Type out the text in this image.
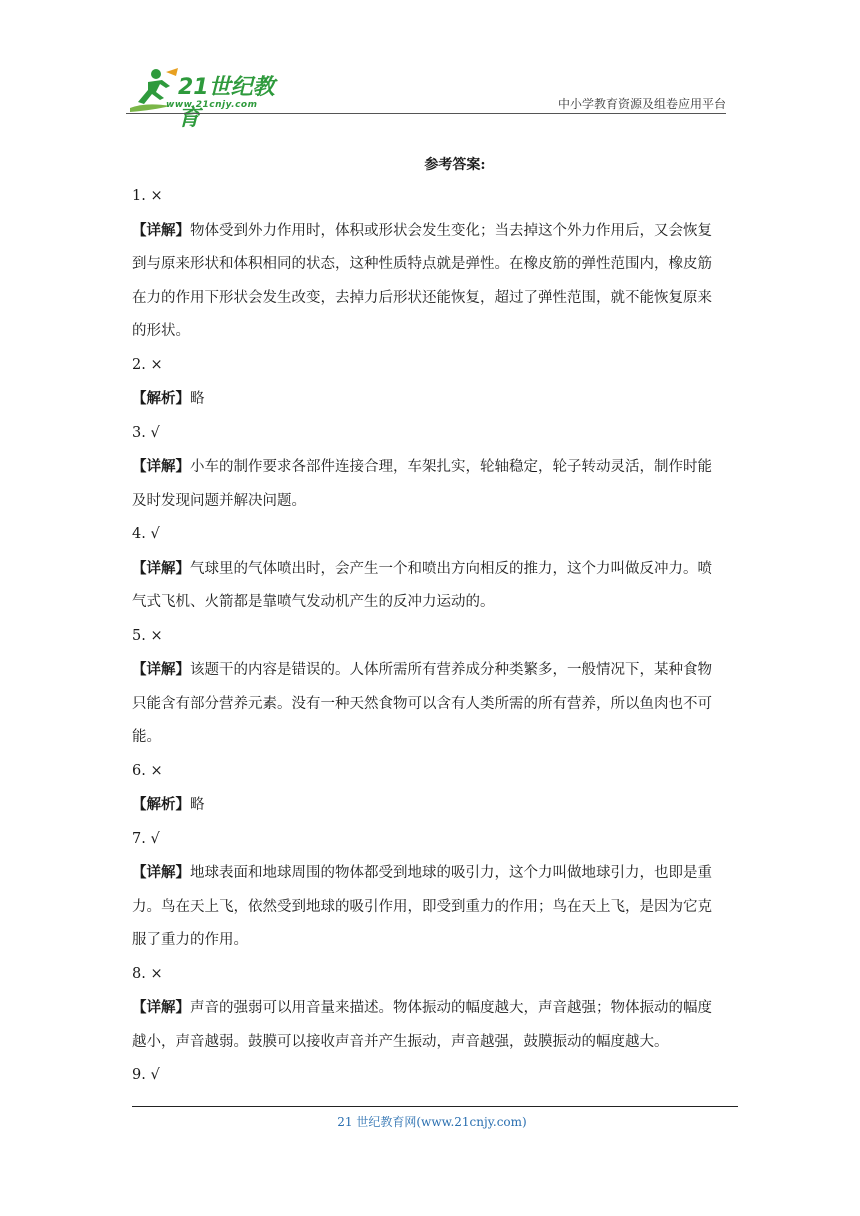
21世纪教育
www.21cnjy.com	中小学教育资源及组卷应用平台
参考答案:
1. ×
【详解】物体受到外力作用时，体积或形状会发生变化；当去掉这个外力作用后，又会恢复
到与原来形状和体积相同的状态，这种性质特点就是弹性。在橡皮筋的弹性范围内，橡皮筋
在力的作用下形状会发生改变，去掉力后形状还能恢复，超过了弹性范围，就不能恢复原来
的形状。
2. ×
【解析】略
3. √
【详解】小车的制作要求各部件连接合理，车架扎实，轮轴稳定，轮子转动灵活，制作时能
及时发现问题并解决问题。
4. √
【详解】气球里的气体喷出时，会产生一个和喷出方向相反的推力，这个力叫做反冲力。喷
气式飞机、火箭都是靠喷气发动机产生的反冲力运动的。
5. ×
【详解】该题干的内容是错误的。人体所需所有营养成分种类繁多，一般情况下，某种食物
只能含有部分营养元素。没有一种天然食物可以含有人类所需的所有营养，所以鱼肉也不可
能。
6. ×
【解析】略
7. √
【详解】地球表面和地球周围的物体都受到地球的吸引力，这个力叫做地球引力，也即是重
力。鸟在天上飞，依然受到地球的吸引作用，即受到重力的作用；鸟在天上飞，是因为它克
服了重力的作用。
8. ×
【详解】声音的强弱可以用音量来描述。物体振动的幅度越大，声音越强；物体振动的幅度
越小，声音越弱。鼓膜可以接收声音并产生振动，声音越强，鼓膜振动的幅度越大。
9. √
21 世纪教育网(www.21cnjy.com)
